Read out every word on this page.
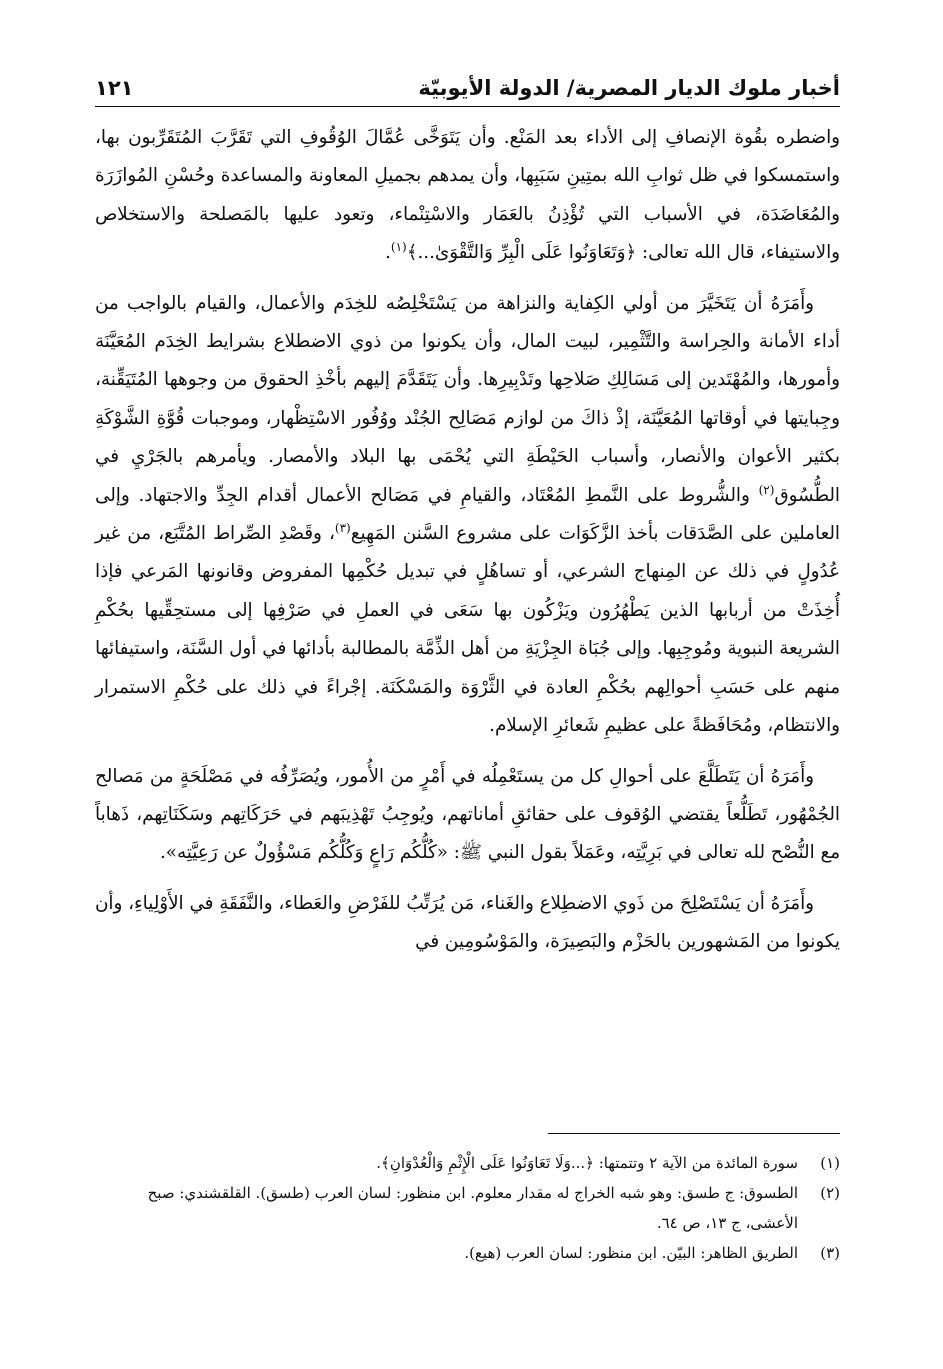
أخبار ملوك الديار المصرية/ الدولة الأيوبيّة
١٢١

واضطره بقُوة الإنصافِ إلى الأداء بعد المَنْع. وأن يَتَوَخَّى عُمَّالَ الوُقُوفِ التي تَقَرَّبَ المُتَقَرِّبون بها، واستمسكوا في ظل ثوابِ الله بمتِينِ سَبَبِها، وأن يمدهم بجميلِ المعاونة والمساعدة وحُسْنِ المُوازَرَة والمُعَاضَدَة، في الأسباب التي تُؤْذِنُ بالعَمَار والاسْتِنْماء، وتعود عليها بالمَصلحة والاستخلاص والاستيفاء، قال الله تعالى: ﴿وَتَعَاوَنُوا عَلَى الْبِرِّ وَالتَّقْوَىٰ...﴾$^{(١)}$.

وأَمَرَهُ أن يَتَخَيَّرَ من أولي الكِفاية والنزاهة من يَسْتَخْلِصُه للخِدَم والأعمال، والقيام بالواجب من أداء الأمانة والحِراسة والتَّثْمِير، لبيت المال، وأن يكونوا من ذوي الاضطلاع بشرايط الخِدَم المُعَيَّنَة وأمورها، والمُهْتَدين إلى مَسَالِكِ صَلاحِها وتَدْبِيرِها. وأن يَتَقَدَّمَ إليهم بأخْذِ الحقوق من وجوهها المُتَيَقِّنة، وجِبايتها في أوقاتها المُعَيَّنَة، إذْ ذاكَ من لوازم مَصَالِح الجُنْد ووُفُور الاسْتِظْهار، وموجبات قُوَّةِ الشَّوْكَةِ بكثير الأعوان والأنصار، وأسباب الحَيْطَةِ التي يُحْمَى بها البلاد والأمصار. ويأمرهم بالجَرْيِ في الطُّسُوق$^{(٢)}$ والشُّروط على النَّمطِ المُعْتَاد، والقيامِ في مَصَالح الأعمال أقدام الجِدِّ والاجتهاد. وإلى العاملين على الصَّدَقات بأخذ الزَّكَوَات على مشروع السَّنن المَهِيع$^{(٣)}$، وقَصْدِ الصِّراط المُتَّبَع، من غير عُدُولٍ في ذلك عن المِنهاج الشرعي، أو تساهُلٍ في تبديل حُكْمِها المفروض وقانونها المَرعي فإذا أُخِذَتْ من أربابها الذين يَطْهُرُون ويَزْكُون بها سَعَى في العملِ في صَرْفِها إلى مستحِقِّيها بحُكْمِ الشريعة النبوية ومُوجِبِها. وإلى جُبَاة الجِزْيَةِ من أهل الذِّمَّة بالمطالبة بأدائها في أول السَّنَة، واستيفائها منهم على حَسَبِ أحوالِهم بحُكْمِ العادة في الثَّرْوَة والمَسْكَنَة. إجْراءً في ذلك على حُكْمِ الاستمرار والانتظام، ومُحَافَظةً على عظيمِ شَعائرِ الإسلام.

وأَمَرَهُ أن يَتَطَلَّعَ على أحوالِ كل من يستَعْمِلُه في أَمْرٍ من الأُمور، ويُصَرِّفُه في مَصْلَحَةٍ من مَصالح الجُمْهُور، تَطَلُّعاً يقتضي الوُقوف على حقائقِ أماناتهم، ويُوجِبُ تَهْذِيبَهم في حَرَكَاتِهم وسَكَنَاتِهم، ذَهاباً مع النُّصْح لله تعالى في بَرِيَّتِه، وعَمَلاً بقول النبي ﷺ: «كُلُّكُم رَاعٍ وَكُلُّكُم مَسْؤُولٌ عن رَعِيَّتِه».

وأَمَرَهُ أن يَسْتَصْلِحَ من ذَوي الاضطِلاع والغَناء، مَن يُرَتِّبُ للفَرْضِ والعَطاء، والنَّفَقَةِ في الأَوْلِياءِ، وأن يكونوا من المَشهورين بالحَزْم والبَصِيرَة، والمَوْسُومِين في

(١)
سورة المائدة من الآية ٢ وتتمتها: ﴿...وَلَا تَعَاوَنُوا عَلَى الْإِثْمِ وَالْعُدْوَانِ﴾.
(٢)
الطسوق: ج طسق: وهو شبه الخراج له مقدار معلوم. ابن منظور: لسان العرب (طسق). القلقشندي: صبح الأعشى، ج ١٣، ص ٦٤.
(٣)
الطريق الظاهر: البيّن. ابن منظور: لسان العرب (هيع).
